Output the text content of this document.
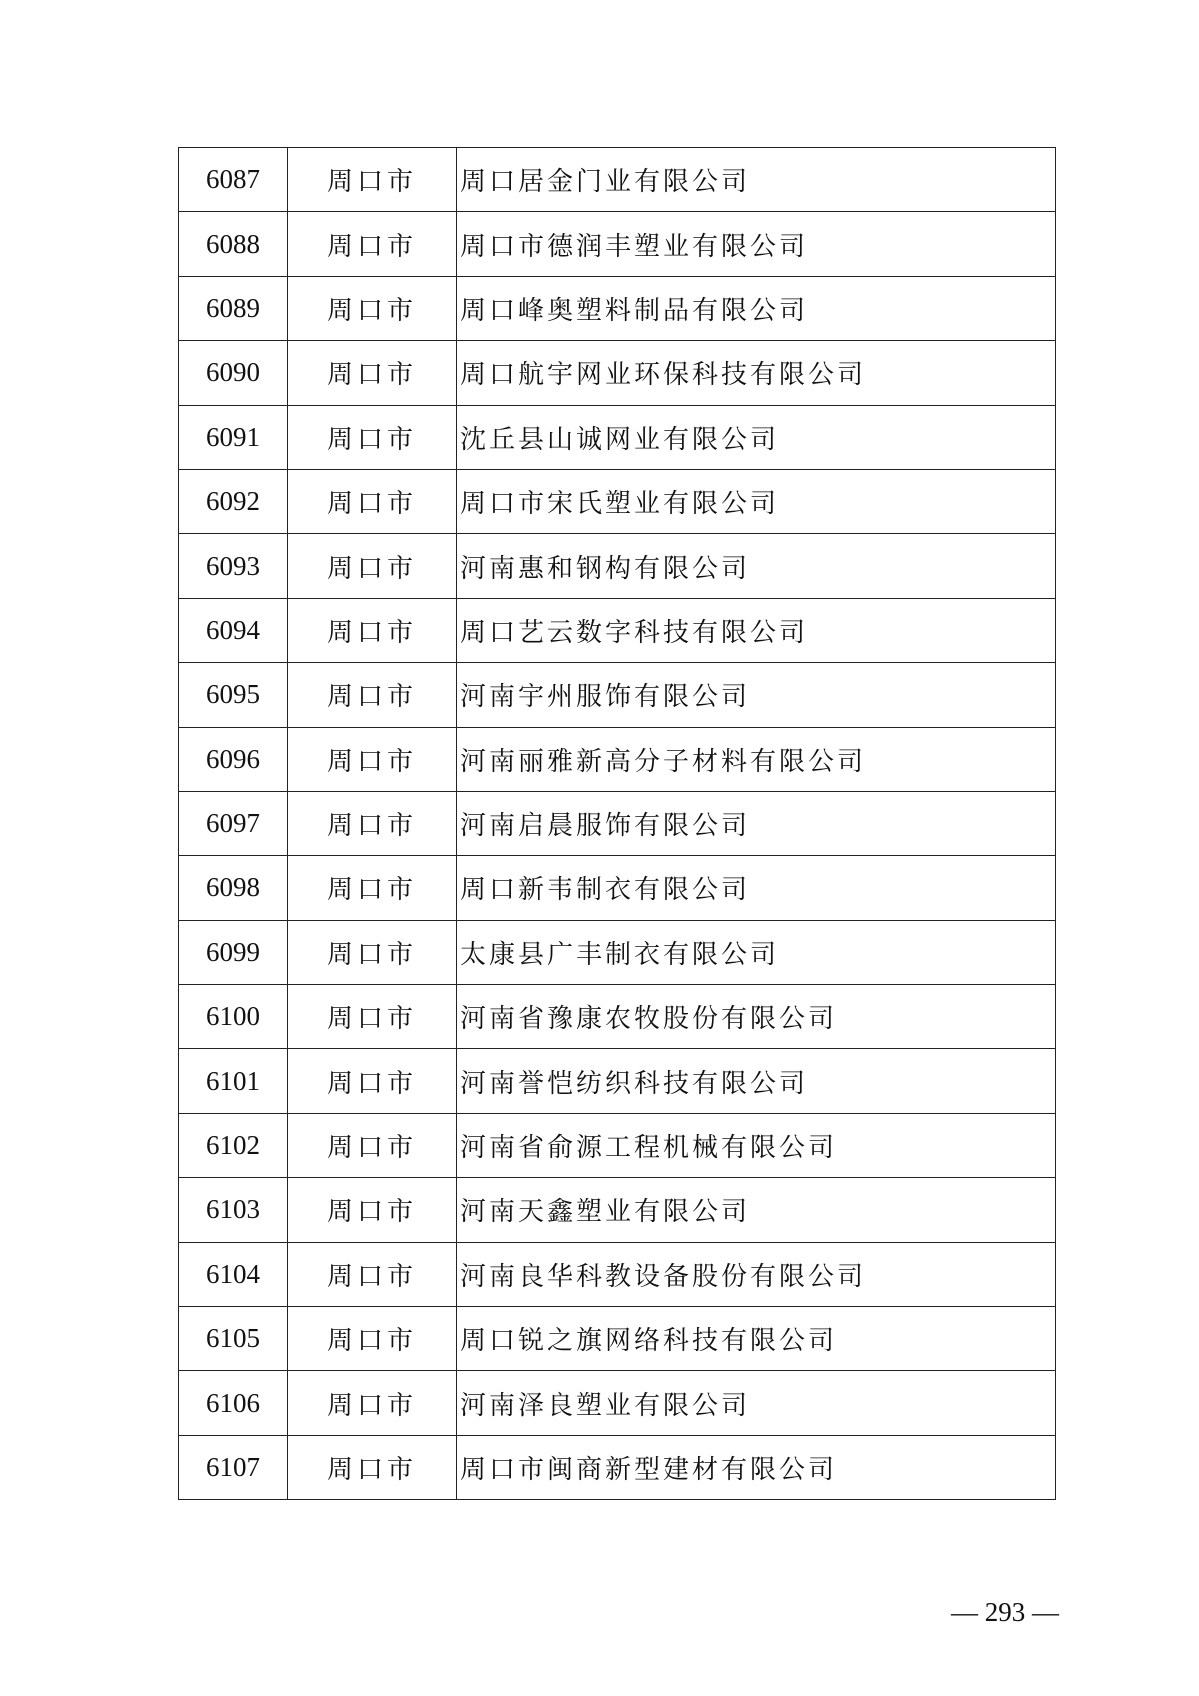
6087	周口市	周口居金门业有限公司
6088	周口市	周口市德润丰塑业有限公司
6089	周口市	周口峰奥塑料制品有限公司
6090	周口市	周口航宇网业环保科技有限公司
6091	周口市	沈丘县山诚网业有限公司
6092	周口市	周口市宋氏塑业有限公司
6093	周口市	河南惠和钢构有限公司
6094	周口市	周口艺云数字科技有限公司
6095	周口市	河南宇州服饰有限公司
6096	周口市	河南丽雅新高分子材料有限公司
6097	周口市	河南启晨服饰有限公司
6098	周口市	周口新韦制衣有限公司
6099	周口市	太康县广丰制衣有限公司
6100	周口市	河南省豫康农牧股份有限公司
6101	周口市	河南誉恺纺织科技有限公司
6102	周口市	河南省俞源工程机械有限公司
6103	周口市	河南天鑫塑业有限公司
6104	周口市	河南良华科教设备股份有限公司
6105	周口市	周口锐之旗网络科技有限公司
6106	周口市	河南泽良塑业有限公司
6107	周口市	周口市闽商新型建材有限公司
— 293 —
